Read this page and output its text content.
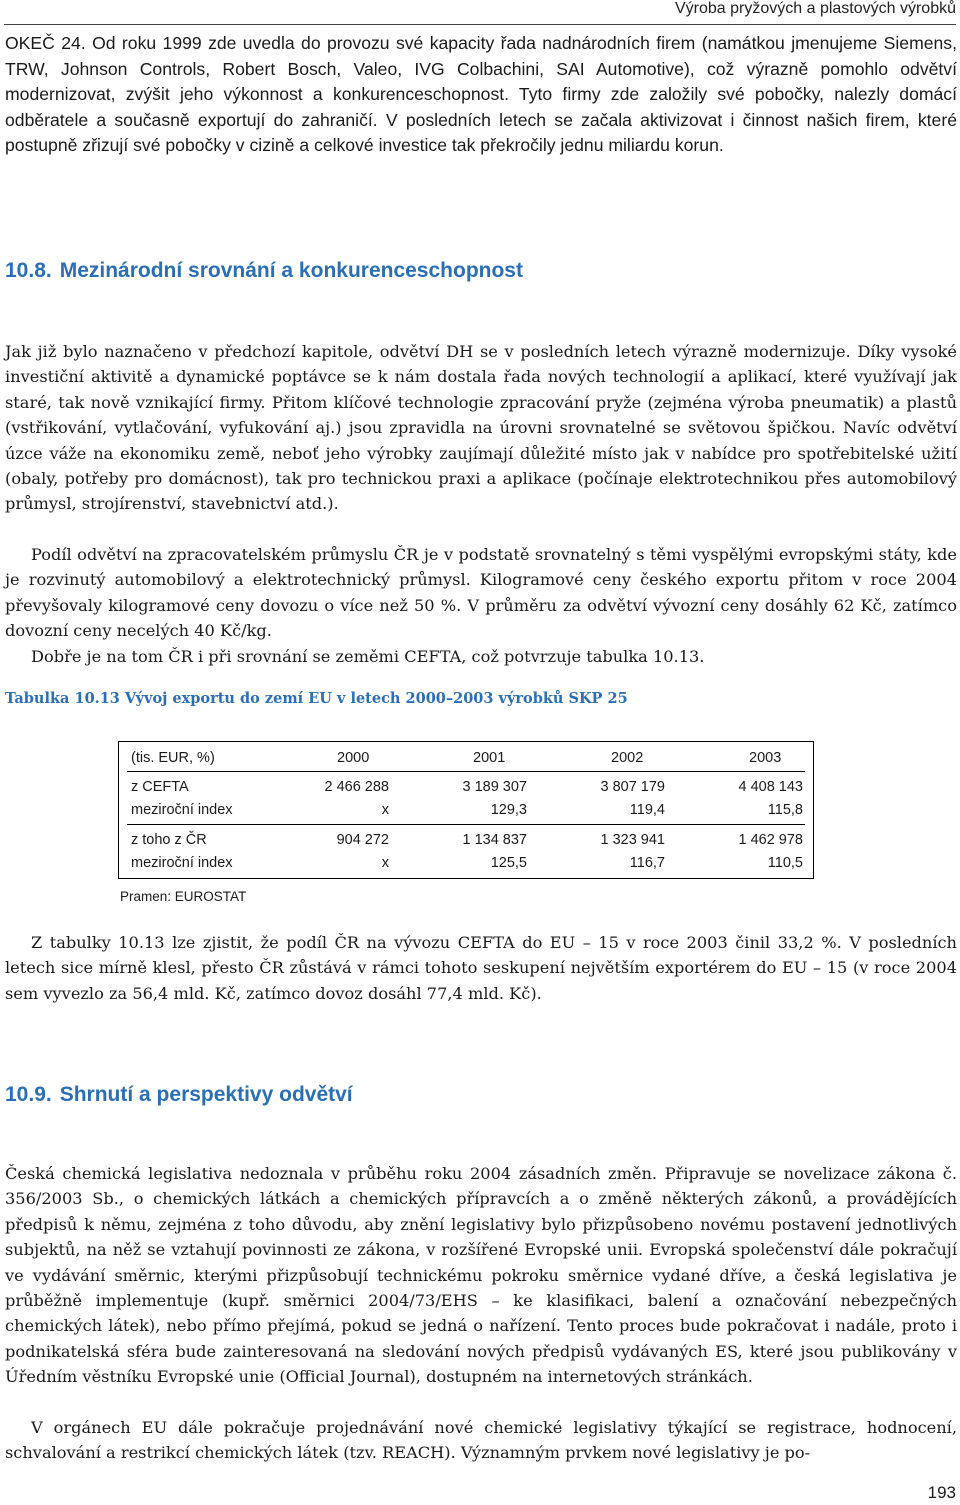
Výroba pryžových a plastových výrobků

OKEČ 24. Od roku 1999 zde uvedla do provozu své kapacity řada nadnárodních firem (namátkou jmenujeme Siemens, TRW, Johnson Controls, Robert Bosch, Valeo, IVG Colbachini, SAI Automotive), což výrazně pomohlo odvětví modernizovat, zvýšit jeho výkonnost a konkurenceschopnost. Tyto firmy zde založily své pobočky, nalezly domácí odběratele a současně exportují do zahraničí. V posledních letech se začala aktivizovat i činnost našich firem, které postupně zřizují své pobočky v cizině a celkové investice tak překročily jednu miliardu korun.

10.8. Mezinárodní srovnání a konkurenceschopnost

Jak již bylo naznačeno v předchozí kapitole, odvětví DH se v posledních letech výrazně modernizuje. Díky vysoké investiční aktivitě a dynamické poptávce se k nám dostala řada nových technologií a aplikací, které využívají jak staré, tak nově vznikající firmy. Přitom klíčové technologie zpracování pryže (zejména výroba pneumatik) a plastů (vstřikování, vytlačování, vyfukování aj.) jsou zpravidla na úrovni srovnatelné se světovou špičkou. Navíc odvětví úzce váže na ekonomiku země, neboť jeho výrobky zaujímají důležité místo jak v nabídce pro spotřebitelské užití (obaly, potřeby pro domácnost), tak pro technickou praxi a aplikace (počínaje elektrotechnikou přes automobilový průmysl, strojírenství, stavebnictví atd.).

Podíl odvětví na zpracovatelském průmyslu ČR je v podstatě srovnatelný s těmi vyspělými evropskými státy, kde je rozvinutý automobilový a elektrotechnický průmysl. Kilogramové ceny českého exportu přitom v roce 2004 převyšovaly kilogramové ceny dovozu o více než 50 %. V průměru za odvětví vývozní ceny dosáhly 62 Kč, zatímco dovozní ceny necelých 40 Kč/kg.

Dobře je na tom ČR i při srovnání se zeměmi CEFTA, což potvrzuje tabulka 10.13.

Tabulka 10.13 Vývoj exportu do zemí EU v letech 2000–2003 výrobků SKP 25
(tis. EUR, %)	2000	2001	2002	2003
z CEFTA	2 466 288	3 189 307	3 807 179	4 408 143
meziroční index	x	129,3	119,4	115,8
z toho z ČR	904 272	1 134 837	1 323 941	1 462 978
meziroční index	x	125,5	116,7	110,5
Pramen: EUROSTAT

Z tabulky 10.13 lze zjistit, že podíl ČR na vývozu CEFTA do EU – 15 v roce 2003 činil 33,2 %. V posledních letech sice mírně klesl, přesto ČR zůstává v rámci tohoto seskupení největším exportérem do EU – 15 (v roce 2004 sem vyvezlo za 56,4 mld. Kč, zatímco dovoz dosáhl 77,4 mld. Kč).

10.9. Shrnutí a perspektivy odvětví

Česká chemická legislativa nedoznala v průběhu roku 2004 zásadních změn. Připravuje se novelizace zákona č. 356/2003 Sb., o chemických látkách a chemických přípravcích a o změně některých zákonů, a provádějících předpisů k němu, zejména z toho důvodu, aby znění legislativy bylo přizpůsobeno novému postavení jednotlivých subjektů, na něž se vztahují povinnosti ze zákona, v rozšířené Evropské unii. Evropská společenství dále pokračují ve vydávání směrnic, kterými přizpůsobují technickému pokroku směrnice vydané dříve, a česká legislativa je průběžně implementuje (kupř. směrnici 2004/73/EHS – ke klasifikaci, balení a označování nebezpečných chemických látek), nebo přímo přejímá, pokud se jedná o nařízení. Tento proces bude pokračovat i nadále, proto i podnikatelská sféra bude zainteresovaná na sledování nových předpisů vydávaných ES, které jsou publikovány v Úředním věstníku Evropské unie (Official Journal), dostupném na internetových stránkách.

V orgánech EU dále pokračuje projednávání nové chemické legislativy týkající se registrace, hodnocení, schvalování a restrikcí chemických látek (tzv. REACH). Významným prvkem nové legislativy je po-

193
